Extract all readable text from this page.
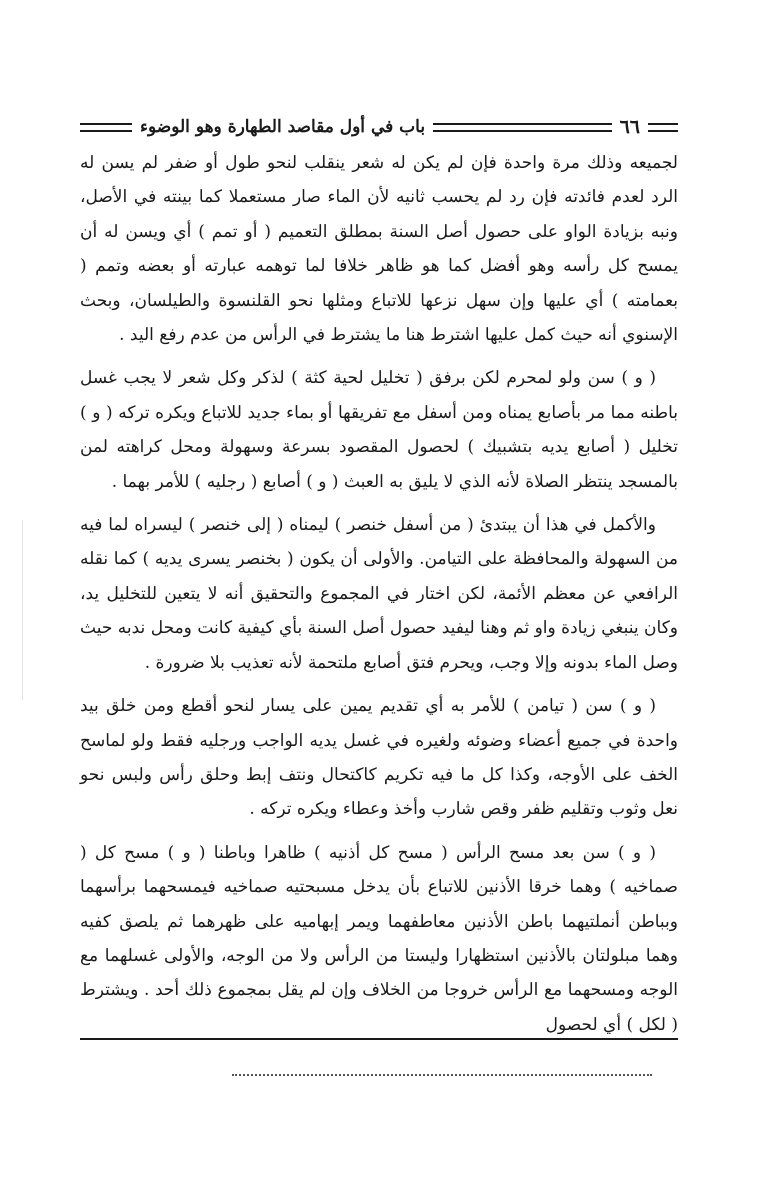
٦٦
باب في أول مقاصد الطهارة وهو الوضوء

لجميعه وذلك مرة واحدة فإن لم يكن له شعر ينقلب لنحو طول أو ضفر لم يسن له الرد لعدم فائدته فإن رد لم يحسب ثانيه لأن الماء صار مستعملا كما بينته في الأصل، ونبه بزيادة الواو على حصول أصل السنة بمطلق التعميم ( أو تمم ) أي ويسن له أن يمسح كل رأسه وهو أفضل كما هو ظاهر خلافا لما توهمه عبارته أو بعضه وتمم ( بعمامته ) أي عليها وإن سهل نزعها للاتباع ومثلها نحو القلنسوة والطيلسان، وبحث الإسنوي أنه حيث كمل عليها اشترط هنا ما يشترط في الرأس من عدم رفع اليد .

( و ) سن ولو لمحرم لكن برفق ( تخليل لحية كثة ) لذكر وكل شعر لا يجب غسل باطنه مما مر بأصابع يمناه ومن أسفل مع تفريقها أو بماء جديد للاتباع ويكره تركه ( و ) تخليل ( أصابع يديه بتشبيك ) لحصول المقصود بسرعة وسهولة ومحل كراهته لمن بالمسجد ينتظر الصلاة لأنه الذي لا يليق به العبث ( و ) أصابع ( رجليه ) للأمر بهما .

والأكمل في هذا أن يبتدئ ( من أسفل خنصر ) ليمناه ( إلى خنصر ) ليسراه لما فيه من السهولة والمحافظة على التيامن. والأولى أن يكون ( بخنصر يسرى يديه ) كما نقله الرافعي عن معظم الأئمة، لكن اختار في المجموع والتحقيق أنه لا يتعين للتخليل يد، وكان ينبغي زيادة واو ثم وهنا ليفيد حصول أصل السنة بأي كيفية كانت ومحل ندبه حيث وصل الماء بدونه وإلا وجب، ويحرم فتق أصابع ملتحمة لأنه تعذيب بلا ضرورة .

( و ) سن ( تيامن ) للأمر به أي تقديم يمين على يسار لنحو أقطع ومن خلق بيد واحدة في جميع أعضاء وضوئه ولغيره في غسل يديه الواجب ورجليه فقط ولو لماسح الخف على الأوجه، وكذا كل ما فيه تكريم كاكتحال ونتف إبط وحلق رأس ولبس نحو نعل وثوب وتقليم ظفر وقص شارب وأخذ وعطاء ويكره تركه .

( و ) سن بعد مسح الرأس ( مسح كل أذنيه ) ظاهرا وباطنا ( و ) مسح كل ( صماخيه ) وهما خرقا الأذنين للاتباع بأن يدخل مسبحتيه صماخيه فيمسحهما برأسهما وبباطن أنملتيهما باطن الأذنين معاطفهما ويمر إبهاميه على ظهرهما ثم يلصق كفيه وهما مبلولتان بالأذنين استظهارا وليستا من الرأس ولا من الوجه، والأولى غسلهما مع الوجه ومسحهما مع الرأس خروجا من الخلاف وإن لم يقل بمجموع ذلك أحد . ويشترط ( لكل ) أي لحصول
